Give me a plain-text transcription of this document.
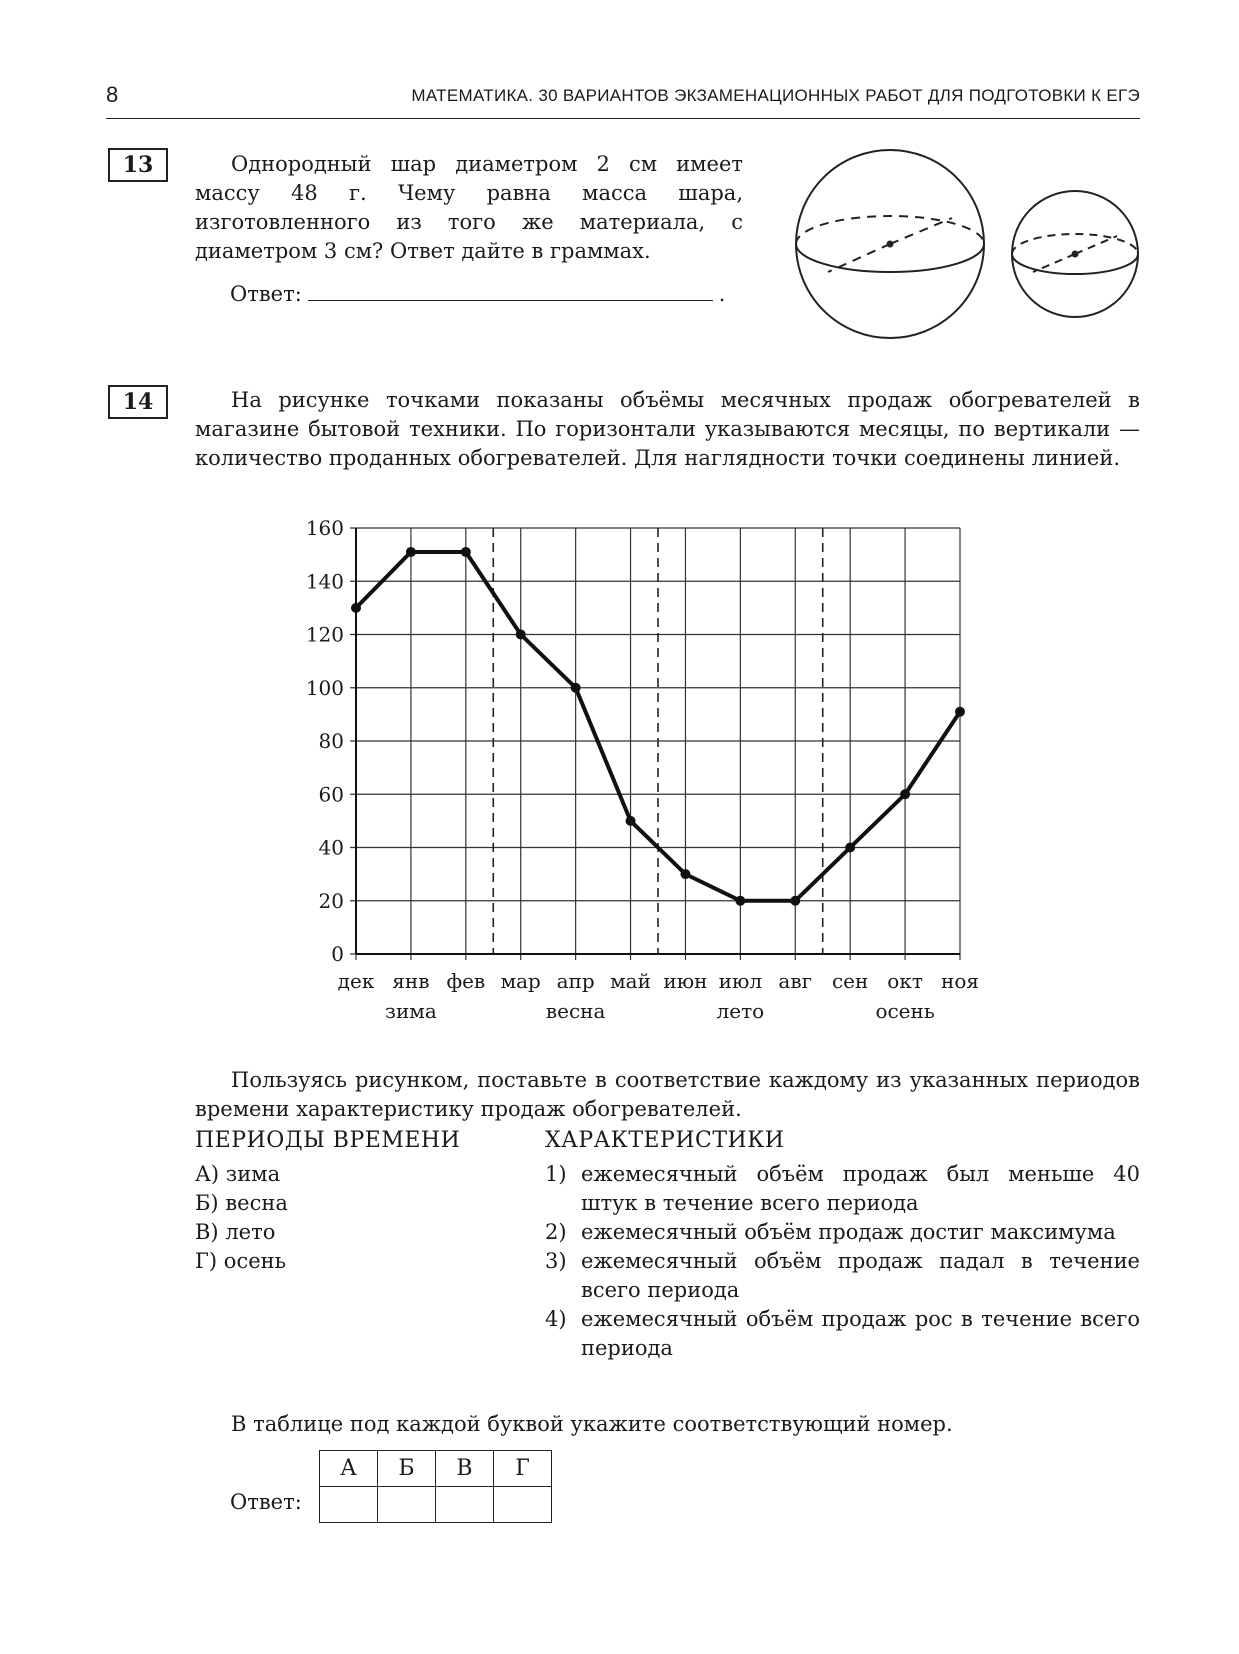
8	МАТЕМАТИКА. 30 ВАРИАНТОВ ЭКЗАМЕНАЦИОННЫХ РАБОТ ДЛЯ ПОДГОТОВКИ К ЕГЭ
13	Однородный шар диаметром 2 см имеет массу 48 г. Чему равна масса шара, изготовленного из того же материала, с диаметром 3 см? Ответ дайте в граммах.

Ответ:	.
14	На рисунке точками показаны объёмы месячных продаж обогревателей в магазине бытовой техники. По горизонтали указываются месяцы, по вертикали — количество проданных обогревателей. Для наглядности точки соединены линией.

0
20
40
60
80
100
120
140
160
дек янв фев мар апр май июн июл авг сен окт ноя
зима	весна	лето	осень

Пользуясь рисунком, поставьте в соответствие каждому из указанных периодов времени характеристику продаж обогревателей.

ПЕРИОДЫ ВРЕМЕНИ	ХАРАКТЕРИСТИКИ
А) зима
Б) весна
В) лето
Г) осень
1) ежемесячный объём продаж был меньше 40 штук в течение всего периода
2) ежемесячный объём продаж достиг максимума
3) ежемесячный объём продаж падал в течение всего периода
4) ежемесячный объём продаж рос в течение всего периода

В таблице под каждой буквой укажите соответствующий номер.

Ответ:
А	Б	В	Г
